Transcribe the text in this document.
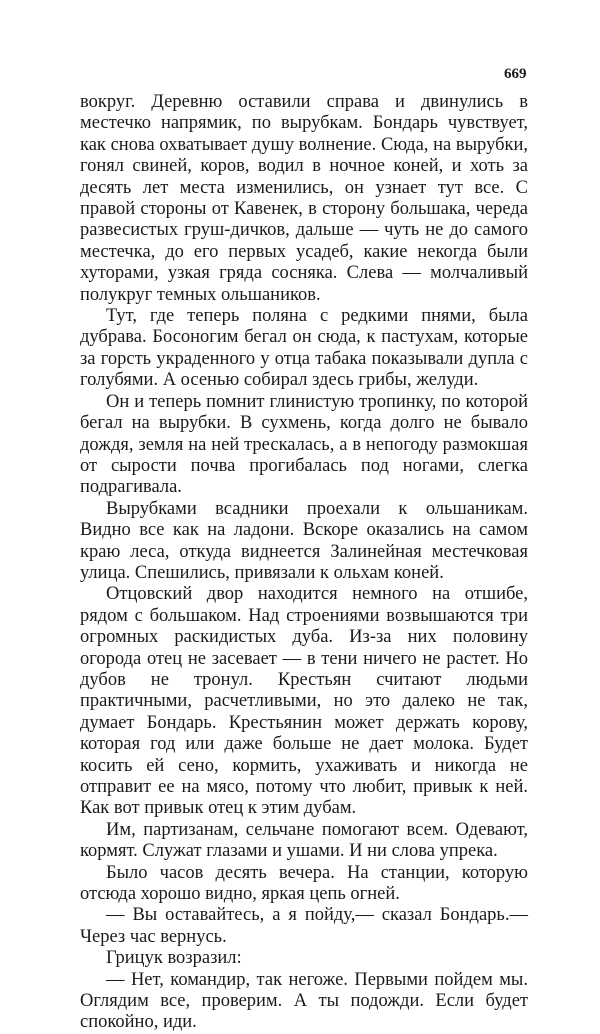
669

вокруг. Деревню оставили справа и двинулись в местечко напрямик, по вырубкам. Бондарь чувствует, как снова охватывает душу волнение. Сюда, на вырубки, гонял свиней, коров, водил в ночное коней, и хоть за десять лет места изменились, он узнает тут все. С правой стороны от Кавенек, в сторону большака, череда развесистых груш-дичков, дальше — чуть не до самого местечка, до его первых усадеб, какие некогда были хуторами, узкая гряда сосняка. Слева — молчаливый полукруг темных ольшаников.

Тут, где теперь поляна с редкими пнями, была дубрава. Босоногим бегал он сюда, к пастухам, которые за горсть украденного у отца табака показывали дупла с голубями. А осенью собирал здесь грибы, желуди.

Он и теперь помнит глинистую тропинку, по которой бегал на вырубки. В сухмень, когда долго не бывало дождя, земля на ней трескалась, а в непогоду размокшая от сырости почва прогибалась под ногами, слегка подрагивала.

Вырубками всадники проехали к ольшаникам. Видно все как на ладони. Вскоре оказались на самом краю леса, откуда виднеется Залинейная местечковая улица. Спешились, привязали к ольхам коней.

Отцовский двор находится немного на отшибе, рядом с большаком. Над строениями возвышаются три огромных раскидистых дуба. Из-за них половину огорода отец не засевает — в тени ничего не растет. Но дубов не тронул. Крестьян считают людьми практичными, расчетливыми, но это далеко не так, думает Бондарь. Крестьянин может держать корову, которая год или даже больше не дает молока. Будет косить ей сено, кормить, ухаживать и никогда не отправит ее на мясо, потому что любит, привык к ней. Как вот привык отец к этим дубам.

Им, партизанам, сельчане помогают всем. Одевают, кормят. Служат глазами и ушами. И ни слова упрека.

Было часов десять вечера. На станции, которую отсюда хорошо видно, яркая цепь огней.

— Вы оставайтесь, а я пойду,— сказал Бондарь.— Через час вернусь.

Грицук возразил:

— Нет, командир, так негоже. Первыми пойдем мы. Оглядим все, проверим. А ты подожди. Если будет спокойно, иди.
